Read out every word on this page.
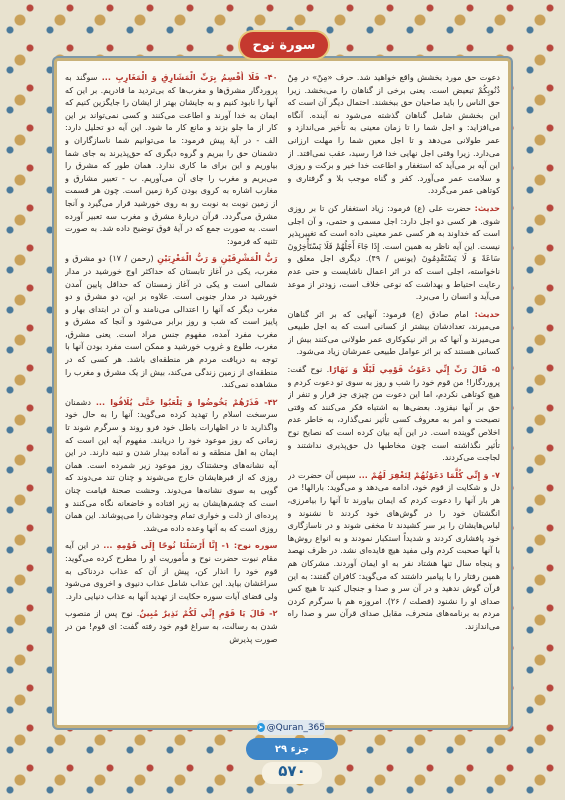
سورة نوح

۴۰- فَلَا أُقْسِمُ بِرَبِّ الْمَشَارِقِ وَ الْمَغَارِبِ ... سوگند به پروردگار مشرق‌ها و مغرب‌ها که بی‌تردید ما قادریم. بر این که آنها را نابود کنیم و به جایشان بهتر از ایشان را جایگزین کنیم که ایمان به خدا آورند و اطاعت می‌کنند و کسی نمی‌تواند بر این کار از ما جلو بزند و مانع کار ما شود. این آیه دو تحلیل دارد: الف - در آیهٔ پیش فرمود: ما می‌توانیم شما ناسازگاران و دشمنان حق را ببریم و گروه دیگری که حق‌پذیرند به جای شما بیاوریم و این برای ما کاری ندارد. همان طور که مشرق را می‌بریم و مغرب را جای آن می‌آوریم. ب - تعبیر مشارق و مغارب اشاره به کروی بودن کرهٔ زمین است. چون هر قسمت از زمین نوبت به نوبت رو به روی خورشید قرار می‌گیرد و آنجا مشرق می‌گردد. قرآن دربارهٔ مشرق و مغرب سه تعبیر آورده است. به صورت جمع که در آیهٔ فوق توضیح داده شد. به صورت تثنیه که فرمود:

رَبُّ الْمَشْرِقَيْنِ وَ رَبُّ الْمَغْرِبَيْنِ (رحمن / ۱۷) دو مشرق و مغرب، یکی در آغاز تابستان که حداکثر اوج خورشید در مدار شمالی است و یکی در آغاز زمستان که حداقل پایین آمدن خورشید در مدار جنوبی است. علاوه بر این، دو مشرق و دو مغرب دیگر که آنها را اعتدالی می‌نامند و آن در ابتدای بهار و پاییز است که شب و روز برابر می‌شود و آنجا که مشرق و مغرب مفرد آمده، مفهوم جنس مراد است. یعنی مشرق، مغرب، طلوع و غروب خورشید و ممکن است مفرد بودن آنها با توجه به دریافت مردم هر منطقه‌ای باشد. هر کسی که در منطقه‌ای از زمین زندگی می‌کند، بیش از یک مشرق و مغرب را مشاهده نمی‌کند.

۴۲- فَذَرْهُمْ يَخُوضُوا وَ يَلْعَبُوا حَتَّى يُلَاقُوا ... دشمنان سرسخت اسلام را تهدید کرده می‌گوید: آنها را به حال خود واگذارید تا در اظهارات باطل خود فرو روند و سرگرم شوند تا زمانی که روز موعود خود را دریابند. مفهوم آیه این است که ایمان به اهل منطقه و نه آماده بیدار شدن و تنبه دارند. در این آیه نشانه‌های وحشتناک روز موعود زیر شمرده است. همان روزی که از قبرهایشان خارج می‌شوند و چنان تند می‌دوند که گویی به سوی نشانه‌ها می‌دوند. وحشت صحنهٔ قیامت چنان است که چشم‌هایشان به زیر افتاده و خاضعانه نگاه می‌کنند و پرده‌ای از ذلت و خواری تمام وجودشان را می‌پوشاند. این همان روزی است که به آنها وعده داده می‌شد.

سوره نوح: ۱- إِنَّا أَرْسَلْنَا نُوحًا إِلَى قَوْمِهِ ... در این آیه مقام نبوت حضرت نوح و مأموریت او را مطرح کرده می‌گوید: قوم خود را انذار کن، پیش از آن که عذاب دردناکی به سراغشان بیاید. این عذاب شامل عذاب دنیوی و اخروی می‌شود ولی قضای آیات سوره حکایت از تهدید آنها به عذاب دنیایی دارد.

۲- قَالَ يَا قَوْمِ إِنِّي لَكُمْ نَذِيرٌ مُبِينٌ. نوح پس از منصوب شدن به رسالت، به سراغ قوم خود رفته گفت: ای قوم! من در صورت پذیرش

دعوت حق مورد بخشش واقع خواهید شد. حرف «مِنْ» در مِنْ ذُنُوبِكُمْ تبعیض است. یعنی برخی از گناهان را می‌بخشد. زیرا حق الناس را باید صاحبان حق ببخشند. احتمال دیگر آن است که این بخشش شامل گناهان گذشته می‌شود نه آینده. آنگاه می‌افزاید: و اجل شما را تا زمان معینی به تأخیر می‌اندازد و عمر طولانی می‌دهد و تا اجل معین شما را مهلت ارزانی می‌دارد. زیرا وقتی اجل نهایی خدا فرا رسید، عقب نمی‌افتد. از این آیه بر می‌آید که استغفار و اطاعت خدا خیر و برکت و روزی و سلامت عمر می‌آورد. کفر و گناه موجب بلا و گرفتاری و کوتاهی عمر می‌گردد.

حدیث: حضرت علی (ع) فرمود: زیاد استغفار کن تا بر روزی شوی. هر کسی دو اجل دارد: اجل مسمی و حتمی، و آن اجلی است که خداوند به هر کسی عمر معینی داده است که تغییرپذیر نیست. این آیه ناظر به همین است. إِذَا جَاءَ أَجَلُهُمْ فَلَا يَسْتَأْخِرُونَ سَاعَةً وَ لَا يَسْتَقْدِمُونَ (یونس / ۴۹). دیگری اجل معلق و ناخواسته، اجلی است که در اثر اعمال ناشایست و حتی عدم رعایت احتیاط و بهداشت که نوعی خلاف است، زودتر از موعد می‌آید و انسان را می‌برد.

حدیث: امام صادق (ع) فرمود: آنهایی که بر اثر گناهان می‌میرند، تعدادشان بیشتر از کسانی است که به اجل طبیعی می‌میرند و آنها که بر اثر نیکوکاری عمر طولانی می‌کنند بیش از کسانی هستند که بر اثر عوامل طبیعی عمرشان زیاد می‌شود.

۵- قَالَ رَبِّ إِنِّي دَعَوْتُ قَوْمِي لَيْلًا وَ نَهَارًا. نوح گفت: پروردگارا! من قوم خود را شب و روز به سوی تو دعوت کردم و هیچ کوتاهی نکردم، اما این دعوت من چیزی جز فرار و تنفر از حق بر آنها نیفزود. بعضی‌ها به اشتباه فکر می‌کنند که وقتی نصیحت و امر به معروف کسی تأثیر نمی‌گذارد، به خاطر عدم اخلاص گوینده است. در این آیه بیان کرده است که نصایح نوح تأثیر نگذاشته است چون مخاطبها دل حق‌پذیری نداشتند و لجاجت می‌کردند.

۷- وَ إِنِّي كُلَّمَا دَعَوْتُهُمْ لِتَغْفِرَ لَهُمْ ... سپس آن حضرت در دل و شکایت از قوم خود، ادامه می‌دهد و می‌گوید: بارالها! من هر بار آنها را دعوت کردم که ایمان بیاورند تا آنها را بیامرزی، انگشتان خود را در گوش‌های خود کردند تا نشنوند و لباس‌هایشان را بر سر کشیدند تا مخفی شوند و در ناسازگاری خود پافشاری کردند و شدیداً استکبار نمودند و به انواع روش‌ها با آنها صحبت کردم ولی مفید هیچ فایده‌ای نشد. در ظرف نهصد و پنجاه سال تنها هشتاد نفر به او ایمان آوردند. مشرکان هم همین رفتار را با پیامبر داشتند که می‌گوید: کافران گفتند: به این قرآن گوش ندهید و در آن سر و صدا و جنجال کنید تا هیچ کس صدای او را نشنود (فصلت / ۲۶). امروزه هم با سرگرم کردن مردم به برنامه‌های منحرف، مقابل صدای قرآن سر و صدا راه می‌اندازند.

➤ @Quran_365
جزء ۲۹
۵۷۰
